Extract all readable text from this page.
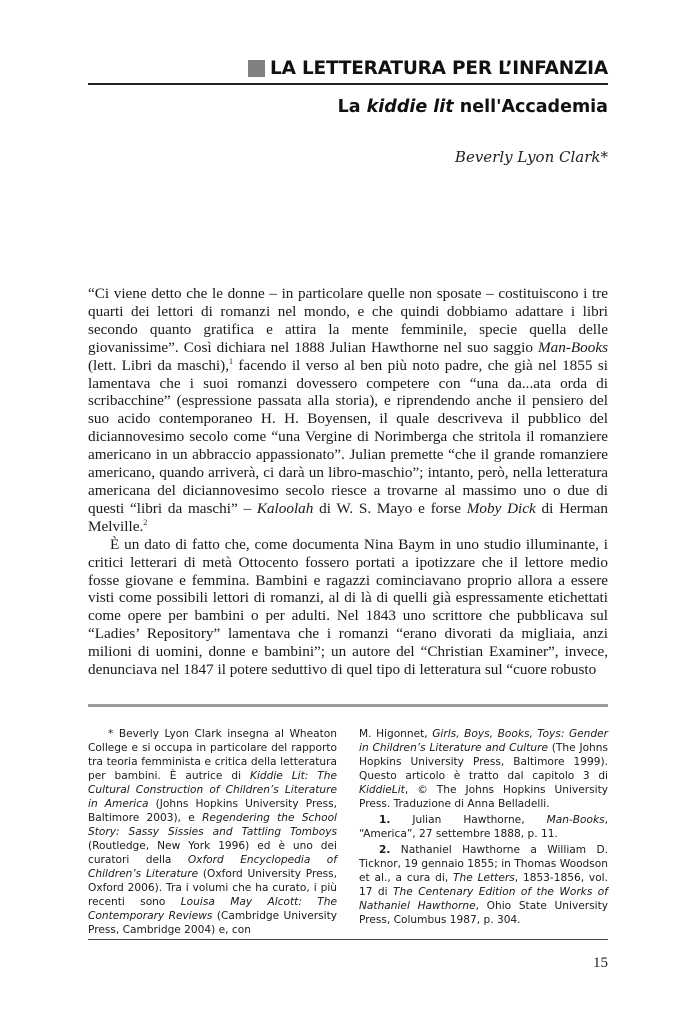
LA LETTERATURA PER L’INFANZIA
La kiddie lit nell'Accademia
Beverly Lyon Clark*

“Ci viene detto che le donne – in particolare quelle non sposate – costituiscono i tre quarti dei lettori di romanzi nel mondo, e che quindi dobbiamo adattare i libri secondo quanto gratifica e attira la mente femminile, specie quella delle giovanissime”. Così dichiara nel 1888 Julian Hawthorne nel suo saggio Man-Books (lett. Libri da maschi),$^1$ facendo il verso al ben più noto padre, che già nel 1855 si lamentava che i suoi romanzi dovessero competere con “una da...ata orda di scribacchine” (espressione passata alla storia), e riprendendo anche il pensiero del suo acido contemporaneo H. H. Boyensen, il quale descriveva il pubblico del diciannovesimo secolo come “una Vergine di Norimberga che stritola il romanziere americano in un abbraccio appassionato”. Julian premette “che il grande romanziere americano, quando arriverà, ci darà un libro-maschio”; intanto, però, nella letteratura americana del diciannovesimo secolo riesce a trovarne al massimo uno o due di questi “libri da maschi” – Kaloolah di W. S. Mayo e forse Moby Dick di Herman Melville.$^2$

È un dato di fatto che, come documenta Nina Baym in uno studio illuminante, i critici letterari di metà Ottocento fossero portati a ipotizzare che il lettore medio fosse giovane e femmina. Bambini e ragazzi cominciavano proprio allora a essere visti come possibili lettori di romanzi, al di là di quelli già espressamente etichettati come opere per bambini o per adulti. Nel 1843 uno scrittore che pubblicava sul “Ladies’ Repository” lamentava che i romanzi “erano divorati da migliaia, anzi milioni di uomini, donne e bambini”; un autore del “Christian Examiner”, invece, denunciava nel 1847 il potere seduttivo di quel tipo di letteratura sul “cuore robusto

* Beverly Lyon Clark insegna al Wheaton College e si occupa in particolare del rapporto tra teoria femminista e critica della letteratura per bambini. È autrice di Kiddie Lit: The Cultural Construction of Children’s Literature in America (Johns Hopkins University Press, Baltimore 2003), e Regendering the School Story: Sassy Sissies and Tattling Tomboys (Routledge, New York 1996) ed è uno dei curatori della Oxford Encyclopedia of Children’s Literature (Oxford University Press, Oxford 2006). Tra i volumi che ha curato, i più recenti sono Louisa May Alcott: The Contemporary Reviews (Cambridge University Press, Cambridge 2004) e, con

M. Higonnet, Girls, Boys, Books, Toys: Gender in Children’s Literature and Culture (The Johns Hopkins University Press, Baltimore 1999). Questo articolo è tratto dal capitolo 3 di KiddieLit, © The Johns Hopkins University Press. Traduzione di Anna Belladelli.

1. Julian Hawthorne, Man-Books, “America”, 27 settembre 1888, p. 11.

2. Nathaniel Hawthorne a William D. Ticknor, 19 gennaio 1855; in Thomas Woodson et al., a cura di, The Letters, 1853-1856, vol. 17 di The Centenary Edition of the Works of Nathaniel Hawthorne, Ohio State University Press, Columbus 1987, p. 304.

15
